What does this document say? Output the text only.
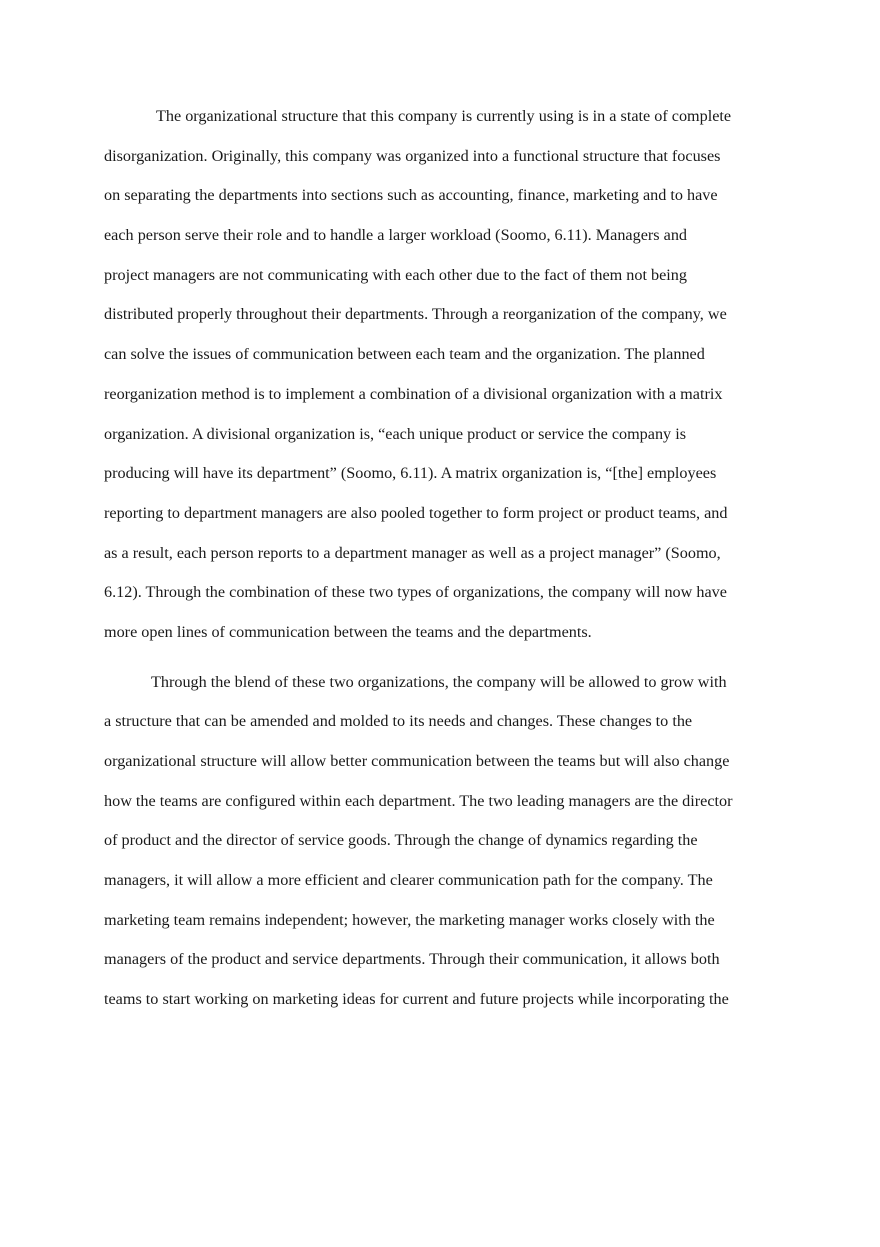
The organizational structure that this company is currently using is in a state of complete
disorganization. Originally, this company was organized into a functional structure that focuses
on separating the departments into sections such as accounting, finance, marketing and to have
each person serve their role and to handle a larger workload (Soomo, 6.11). Managers and
project managers are not communicating with each other due to the fact of them not being
distributed properly throughout their departments. Through a reorganization of the company, we
can solve the issues of communication between each team and the organization. The planned
reorganization method is to implement a combination of a divisional organization with a matrix
organization. A divisional organization is, “each unique product or service the company is
producing will have its department” (Soomo, 6.11). A matrix organization is, “[the] employees
reporting to department managers are also pooled together to form project or product teams, and
as a result, each person reports to a department manager as well as a project manager” (Soomo,
6.12). Through the combination of these two types of organizations, the company will now have
more open lines of communication between the teams and the departments.
Through the blend of these two organizations, the company will be allowed to grow with
a structure that can be amended and molded to its needs and changes. These changes to the
organizational structure will allow better communication between the teams but will also change
how the teams are configured within each department. The two leading managers are the director
of product and the director of service goods. Through the change of dynamics regarding the
managers, it will allow a more efficient and clearer communication path for the company. The
marketing team remains independent; however, the marketing manager works closely with the
managers of the product and service departments. Through their communication, it allows both
teams to start working on marketing ideas for current and future projects while incorporating the
